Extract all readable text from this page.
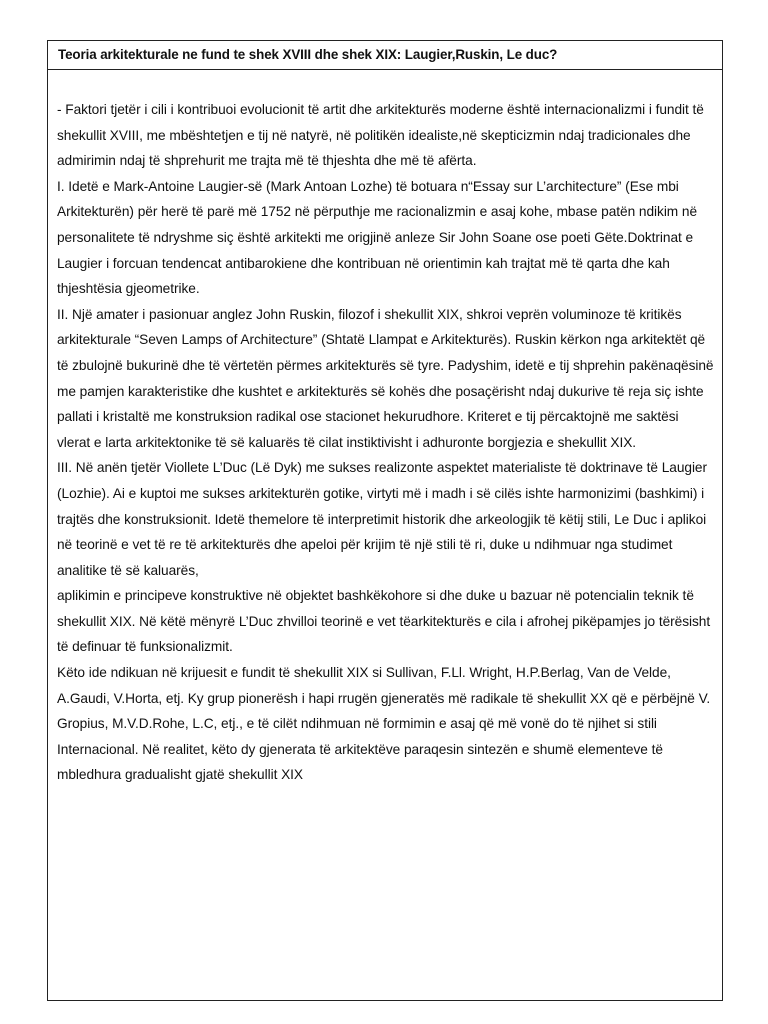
Teoria arkitekturale ne fund te shek XVIII dhe shek XIX: Laugier,Ruskin, Le duc?

- Faktori tjetër i cili i kontribuoi evolucionit të artit dhe arkitekturës moderne është internacionalizmi i fundit të shekullit XVIII, me mbështetjen e tij në natyrë, në politikën idealiste,në skepticizmin ndaj tradicionales dhe admirimin ndaj të shprehurit me trajta më të thjeshta dhe më të afërta.

I. Idetë e Mark-Antoine Laugier-së (Mark Antoan Lozhe) të botuara n“Essay sur L’architecture” (Ese mbi Arkitekturën) për herë të parë më 1752 në përputhje me racionalizmin e asaj kohe, mbase patën ndikim në personalitete të ndryshme siç është arkitekti me origjinë anleze Sir John Soane ose poeti Gëte.Doktrinat e Laugier i forcuan tendencat antibarokiene dhe kontribuan në orientimin kah trajtat më të qarta dhe kah thjeshtësia gjeometrike.

II. Një amater i pasionuar anglez John Ruskin, filozof i shekullit XIX, shkroi veprën voluminoze të kritikës arkitekturale “Seven Lamps of Architecture” (Shtatë Llampat e Arkitekturës). Ruskin kërkon nga arkitektët që të zbulojnë bukurinë dhe të vërtetën përmes arkitekturës së tyre. Padyshim, idetë e tij shprehin pakënaqësinë me pamjen karakteristike dhe kushtet e arkitekturës së kohës dhe posaçërisht ndaj dukurive të reja siç ishte pallati i kristaltë me konstruksion radikal ose stacionet hekurudhore. Kriteret e tij përcaktojnë me saktësi vlerat e larta arkitektonike të së kaluarës të cilat instiktivisht i adhuronte borgjezia e shekullit XIX.

III. Në anën tjetër Viollete L’Duc (Lë Dyk) me sukses realizonte aspektet materialiste të doktrinave të Laugier (Lozhie). Ai e kuptoi me sukses arkitekturën gotike, virtyti më i madh i së cilës ishte harmonizimi (bashkimi) i trajtës dhe konstruksionit. Idetë themelore të interpretimit historik dhe arkeologjik të këtij stili, Le Duc i aplikoi në teorinë e vet të re të arkitekturës dhe apeloi për krijim të një stili të ri, duke u ndihmuar nga studimet analitike të së kaluarës,

aplikimin e principeve konstruktive në objektet bashkëkohore si dhe duke u bazuar në potencialin teknik të shekullit XIX. Në këtë mënyrë L’Duc zhvilloi teorinë e vet tëarkitekturës e cila i afrohej pikëpamjes jo tërësisht të definuar të funksionalizmit.

Këto ide ndikuan në krijuesit e fundit të shekullit XIX si Sullivan, F.Ll. Wright, H.P.Berlag, Van de Velde, A.Gaudi, V.Horta, etj. Ky grup pionerësh i hapi rrugën gjeneratës më radikale të shekullit XX që e përbëjnë V. Gropius, M.V.D.Rohe, L.C, etj., e të cilët ndihmuan në formimin e asaj që më vonë do të njihet si stili Internacional. Në realitet, këto dy gjenerata të arkitektëve paraqesin sintezën e shumë elementeve të mbledhura gradualisht gjatë shekullit XIX
